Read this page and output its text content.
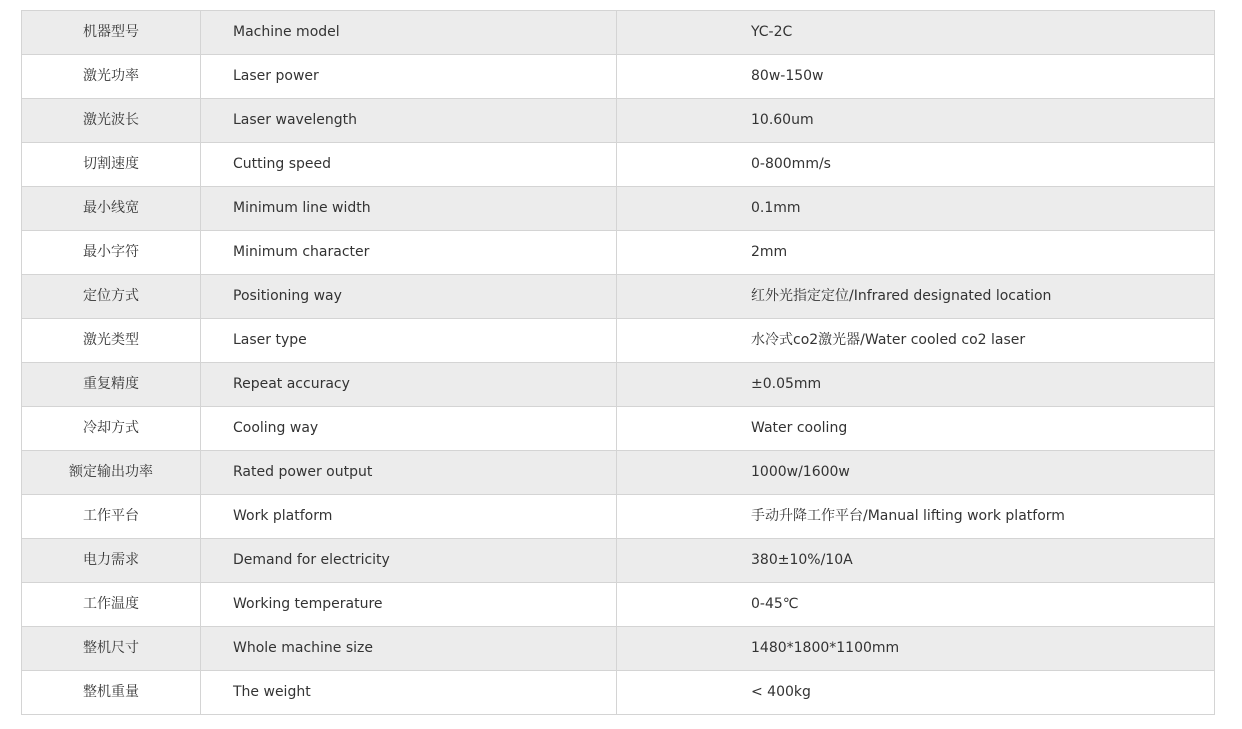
机器型号	Machine model	YC-2C
激光功率	Laser power	80w-150w
激光波长	Laser wavelength	10.60um
切割速度	Cutting speed	0-800mm/s
最小线宽	Minimum line width	0.1mm
最小字符	Minimum character	2mm
定位方式	Positioning way	红外光指定定位/Infrared designated location
激光类型	Laser type	水冷式co2激光器/Water cooled co2 laser
重复精度	Repeat accuracy	±0.05mm
冷却方式	Cooling way	Water cooling
额定输出功率	Rated power output	1000w/1600w
工作平台	Work platform	手动升降工作平台/Manual lifting work platform
电力需求	Demand for electricity	380±10%/10A
工作温度	Working temperature	0-45℃
整机尺寸	Whole machine size	1480*1800*1100mm
整机重量	The weight	< 400kg
